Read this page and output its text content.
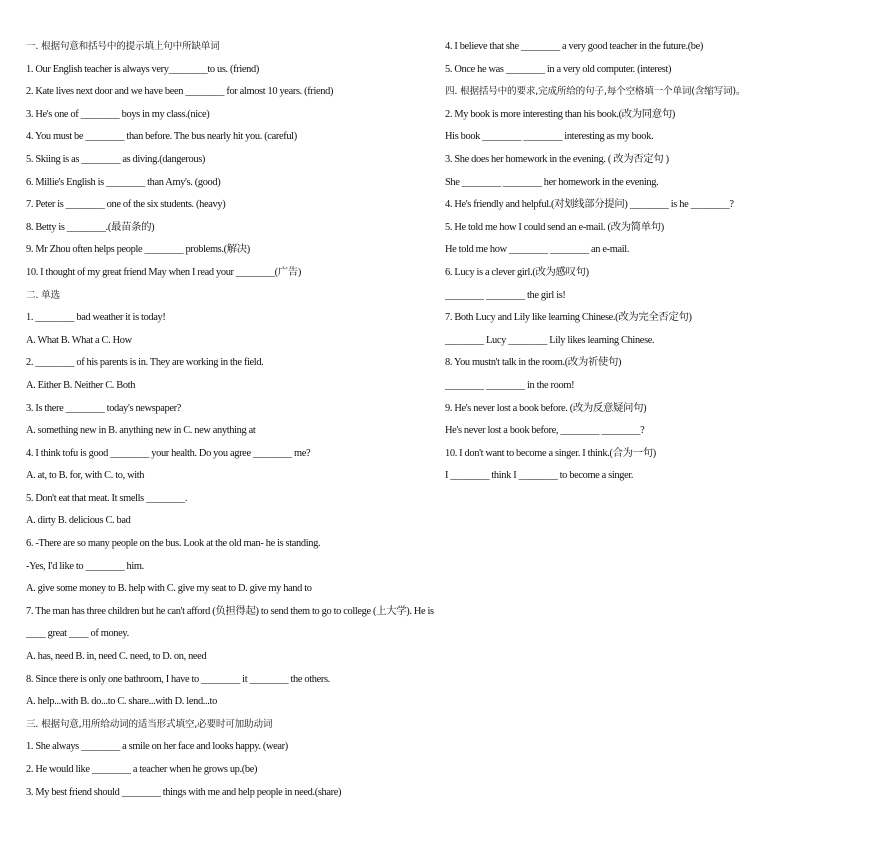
一. 根据句意和括号中的提示填上句中所缺单词
1. Our English teacher is always very________to us. (friend)
2. Kate lives next door and we have been ________ for almost 10 years. (friend)
3. He's one of ________ boys in my class.(nice)
4. You must be ________ than before. The bus nearly hit you. (careful)
5. Skiing is as ________ as diving.(dangerous)
6. Millie's English is ________ than Amy's. (good)
7. Peter is ________ one of the six students. (heavy)
8. Betty is ________.(最苗条的)
9. Mr Zhou often helps people ________ problems.(解决)
10. I thought of my great friend May when I read your ________(广告)
二. 单选
1. ________ bad weather it is today!
A. What B. What a C. How
2. ________ of his parents is in. They are working in the field.
A. Either B. Neither C. Both
3. Is there ________ today's newspaper?
A. something new in B. anything new in C. new anything at
4. I think tofu is good ________ your health. Do you agree ________ me?
A. at, to B. for, with C. to, with
5. Don't eat that meat. It smells ________.
A. dirty B. delicious C. bad
6. -There are so many people on the bus. Look at the old man- he is standing.
-Yes, I'd like to ________ him.
A. give some money to B. help with C. give my seat to D. give my hand to
7. The man has three children but he can't afford (负担得起) to send them to go to college (上大学). He is
____ great ____ of money.
A. has, need B. in, need C. need, to D. on, need
8. Since there is only one bathroom, I have to ________ it ________ the others.
A. help...with B. do...to C. share...with D. lend...to
三. 根据句意,用所给动词的适当形式填空,必要时可加助动词
1. She always ________ a smile on her face and looks happy. (wear)
2. He would like ________ a teacher when he grows up.(be)
3. My best friend should ________ things with me and help people in need.(share)
4. I believe that she ________ a very good teacher in the future.(be)
5. Once he was ________ in a very old computer. (interest)
四. 根据括号中的要求,完成所给的句子,每个空格填一个单词(含缩写词)。
2. My book is more interesting than his book.(改为同意句)
His book ________ ________ interesting as my book.
3. She does her homework in the evening. ( 改为否定句 )
She ________ ________ her homework in the evening.
4. He's friendly and helpful.(对划线部分提问) ________ is he ________?
5. He told me how I could send an e-mail. (改为简单句)
He told me how ________ ________ an e-mail.
6. Lucy is a clever girl.(改为感叹句)
________ ________ the girl is!
7. Both Lucy and Lily like learning Chinese.(改为完全否定句)
________ Lucy ________ Lily likes learning Chinese.
8. You mustn't talk in the room.(改为祈使句)
________ ________ in the room!
9. He's never lost a book before. (改为反意疑问句)
He's never lost a book before, ________ ________?
10. I don't want to become a singer. I think.(合为一句)
I ________ think I ________ to become a singer.
